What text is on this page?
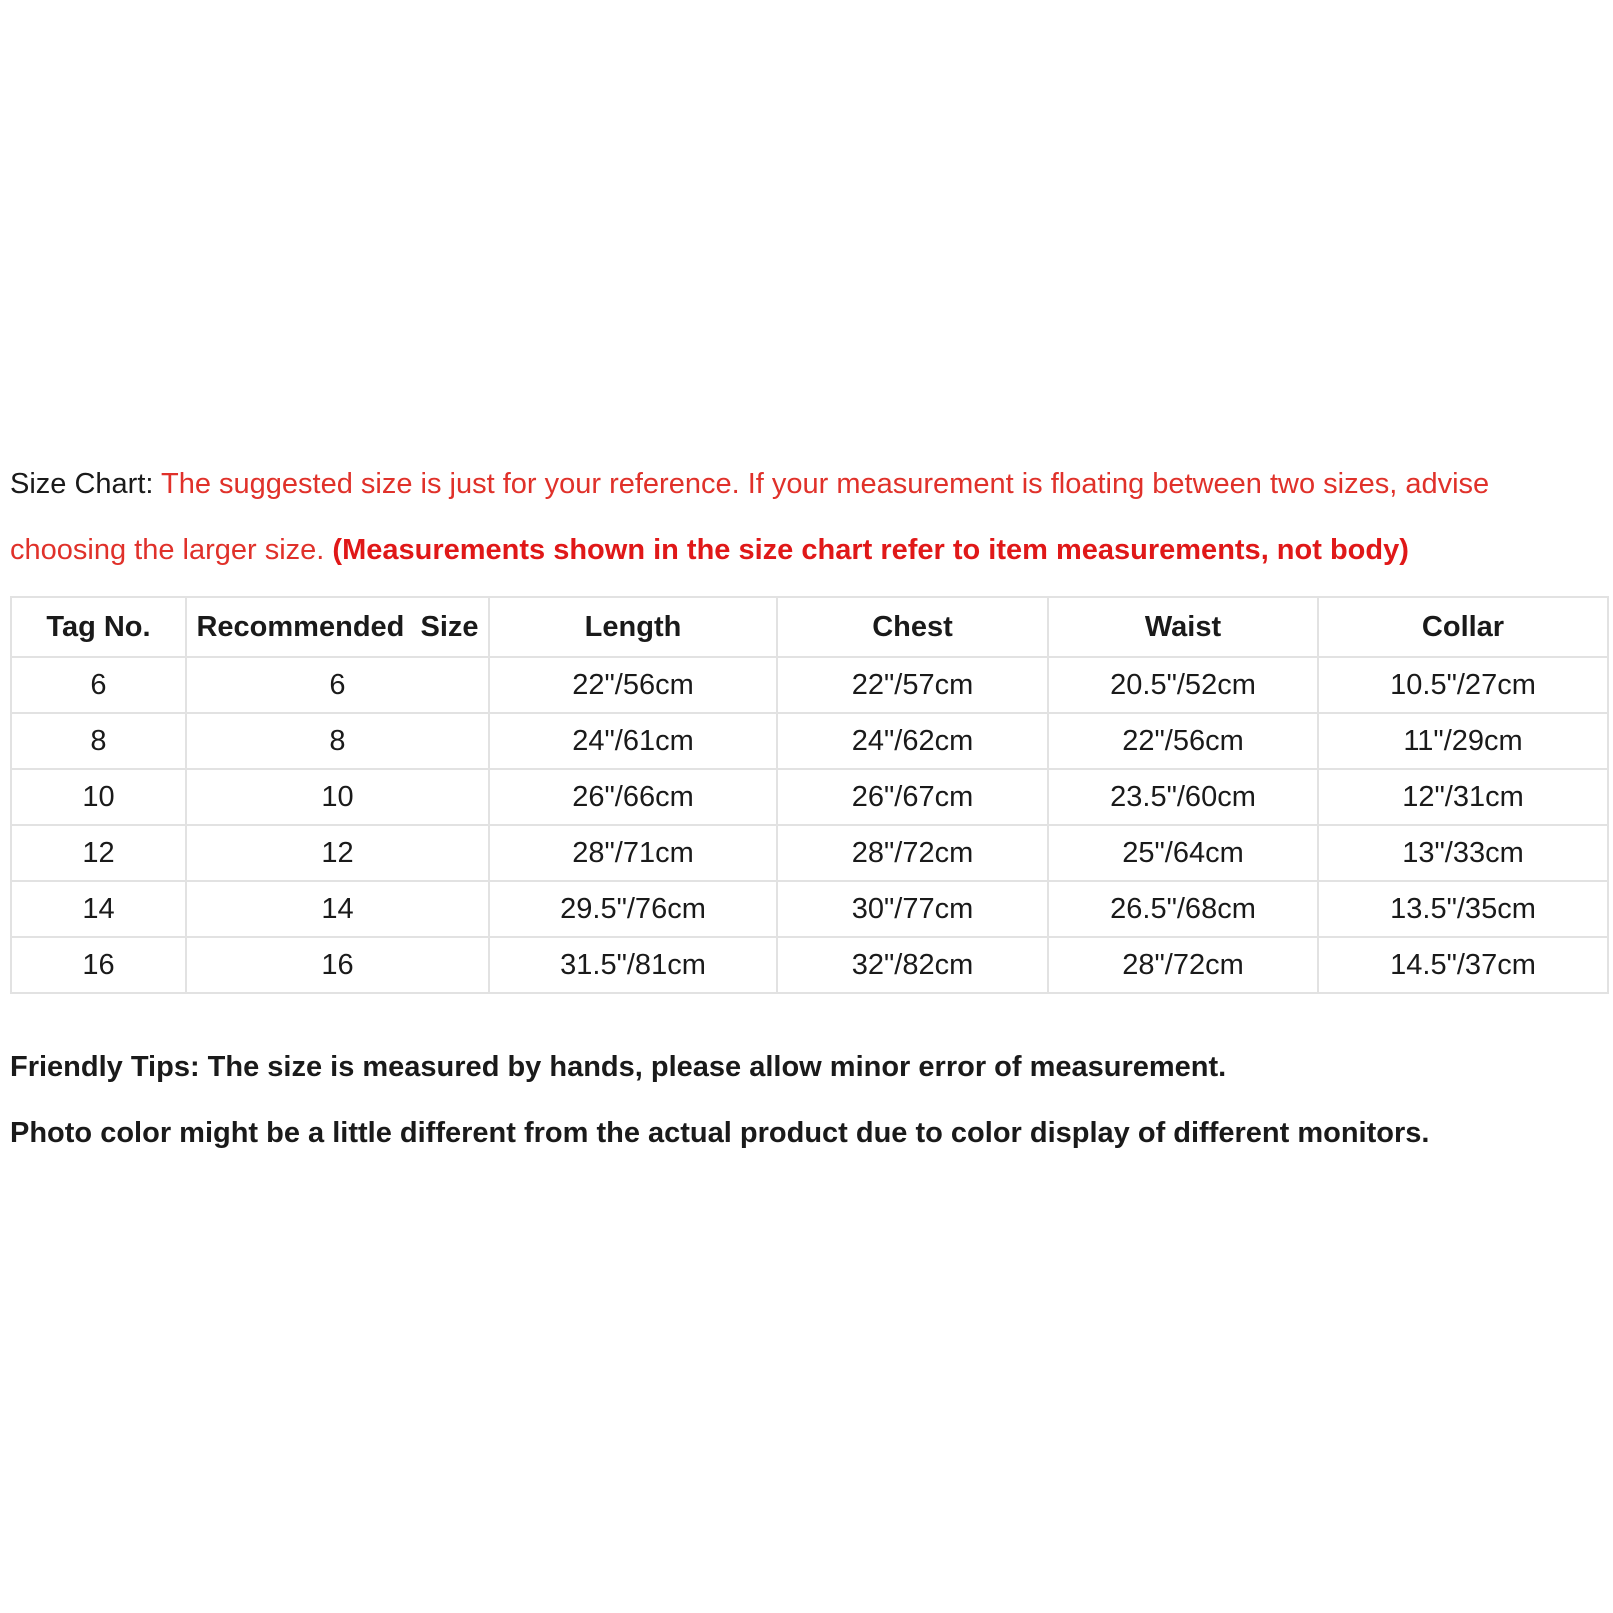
Size Chart: The suggested size is just for your reference. If your measurement is floating between two sizes, advise choosing the larger size. (Measurements shown in the size chart refer to item measurements, not body)
Tag No.	Recommended  Size	Length	Chest	Waist	Collar
6	6	22"/56cm	22"/57cm	20.5"/52cm	10.5"/27cm
8	8	24"/61cm	24"/62cm	22"/56cm	11"/29cm
10	10	26"/66cm	26"/67cm	23.5"/60cm	12"/31cm
12	12	28"/71cm	28"/72cm	25"/64cm	13"/33cm
14	14	29.5"/76cm	30"/77cm	26.5"/68cm	13.5"/35cm
16	16	31.5"/81cm	32"/82cm	28"/72cm	14.5"/37cm

Friendly Tips: The size is measured by hands, please allow minor error of measurement.

Photo color might be a little different from the actual product due to color display of different monitors.
